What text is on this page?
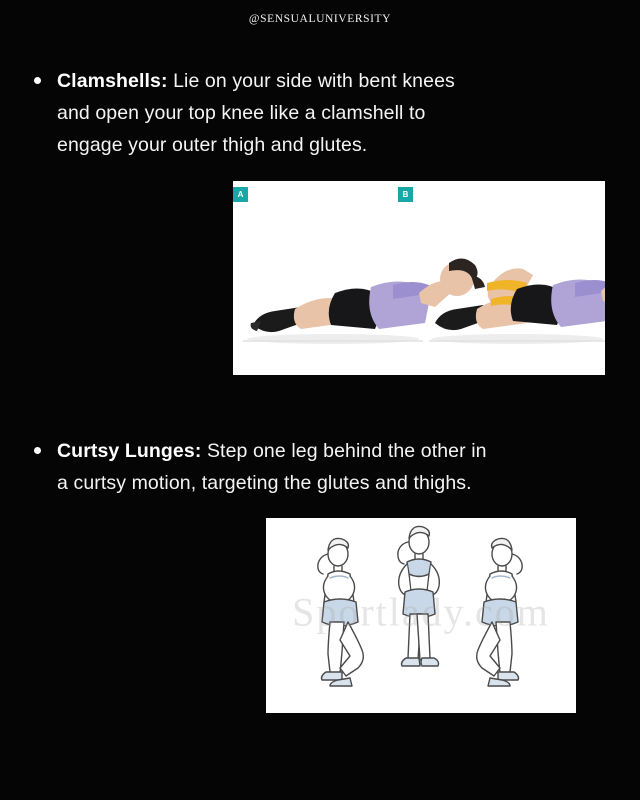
@SENSUALUNIVERSITY
Clamshells: Lie on your side with bent knees and open your top knee like a clamshell to engage your outer thigh and glutes.
A	B
Curtsy Lunges: Step one leg behind the other in a curtsy motion, targeting the glutes and thighs.
Sportlady.com
